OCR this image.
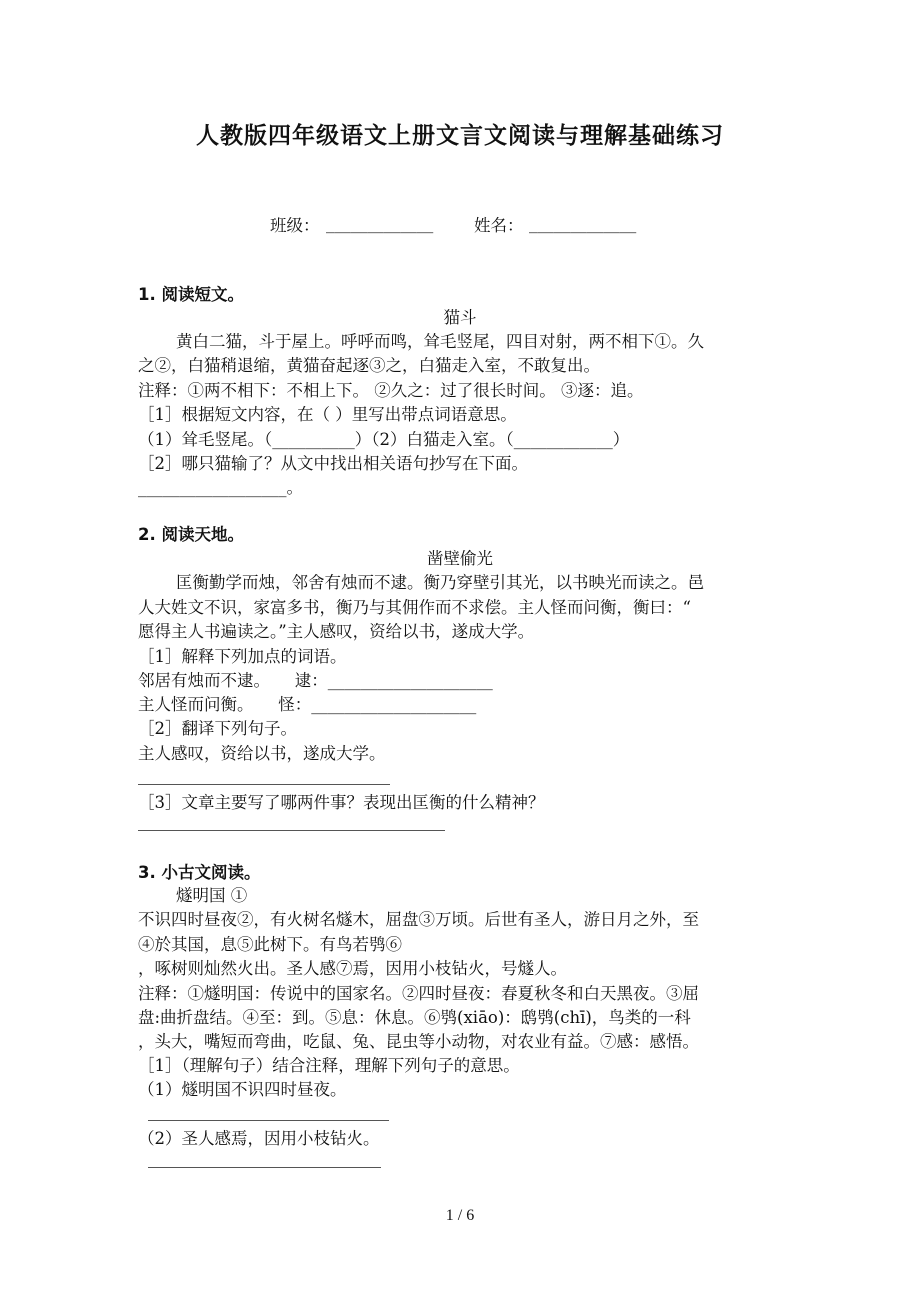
人教版四年级语文上册文言文阅读与理解基础练习
班级： _____________ 姓名： _____________
1. 阅读短文。
猫斗
黄白二猫，斗于屋上。呼呼而鸣，耸毛竖尾，四目对射，两不相下①。久
之②，白猫稍退缩，黄猫奋起逐③之，白猫走入室，不敢复出。
注释：①两不相下：不相上下。 ②久之：过了很长时间。 ③逐：追。
［1］根据短文内容，在（ ）里写出带点词语意思。
（1）耸毛竖尾。（__________）（2）白猫走入室。（____________）
［2］哪只猫输了？从文中找出相关语句抄写在下面。
__________________。
2. 阅读天地。
凿壁偷光
匡衡勤学而烛，邻舍有烛而不逮。衡乃穿壁引其光，以书映光而读之。邑
人大姓文不识，家富多书，衡乃与其佣作而不求偿。主人怪而问衡，衡曰：“
愿得主人书遍读之。”主人感叹，资给以书，遂成大学。
［1］解释下列加点的词语。
邻居有烛而不逮。　　逮：____________________
主人怪而问衡。　　怪：____________________
［2］翻译下列句子。
主人感叹，资给以书，遂成大学。
［3］文章主要写了哪两件事？表现出匡衡的什么精神？
3. 小古文阅读。
燧明国 ①
不识四时昼夜②，有火树名燧木，屈盘③万顷。后世有圣人，游日月之外，至
④於其国，息⑤此树下。有鸟若鸮⑥
，啄树则灿然火出。圣人感⑦焉，因用小枝钻火，号燧人。
注释：①燧明国：传说中的国家名。②四时昼夜：春夏秋冬和白天黑夜。③屈
盘:曲折盘结。④至：到。⑤息：休息。⑥鸮(xiāo)：鸱鸮(chī)，鸟类的一科
，头大，嘴短而弯曲，吃鼠、兔、昆虫等小动物，对农业有益。⑦感：感悟。
［1］（理解句子）结合注释，理解下列句子的意思。
（1）燧明国不识四时昼夜。
（2）圣人感焉，因用小枝钻火。
1 / 6
